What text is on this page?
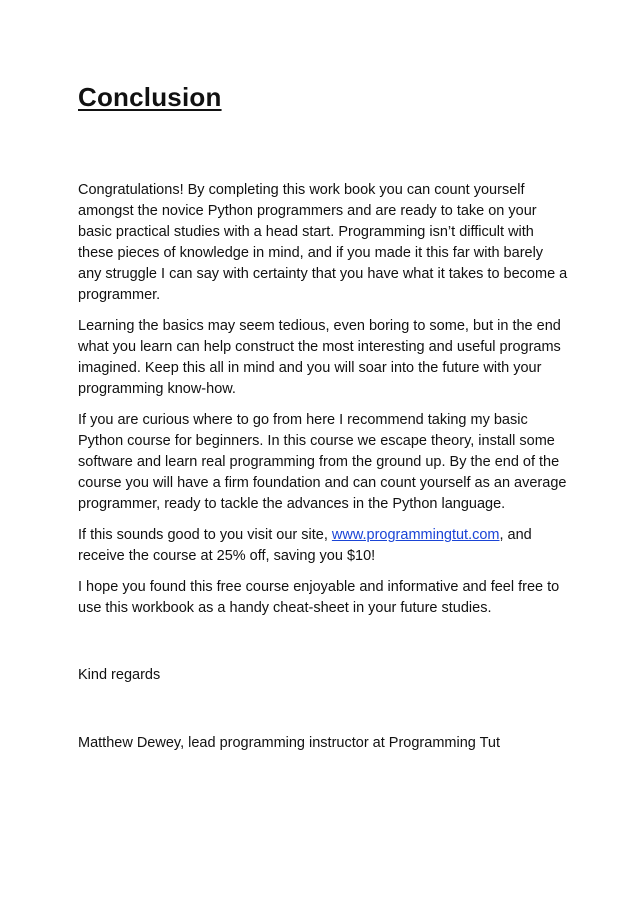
Conclusion

Congratulations! By completing this work book you can count yourself amongst the novice Python programmers and are ready to take on your basic practical studies with a head start. Programming isn’t difficult with these pieces of knowledge in mind, and if you made it this far with barely any struggle I can say with certainty that you have what it takes to become a programmer.

Learning the basics may seem tedious, even boring to some, but in the end what you learn can help construct the most interesting and useful programs imagined. Keep this all in mind and you will soar into the future with your programming know-how.

If you are curious where to go from here I recommend taking my basic Python course for beginners. In this course we escape theory, install some software and learn real programming from the ground up. By the end of the course you will have a firm foundation and can count yourself as an average programmer, ready to tackle the advances in the Python language.

If this sounds good to you visit our site, www.programmingtut.com, and receive the course at 25% off, saving you $10!

I hope you found this free course enjoyable and informative and feel free to use this workbook as a handy cheat-sheet in your future studies.

Kind regards

Matthew Dewey, lead programming instructor at Programming Tut
